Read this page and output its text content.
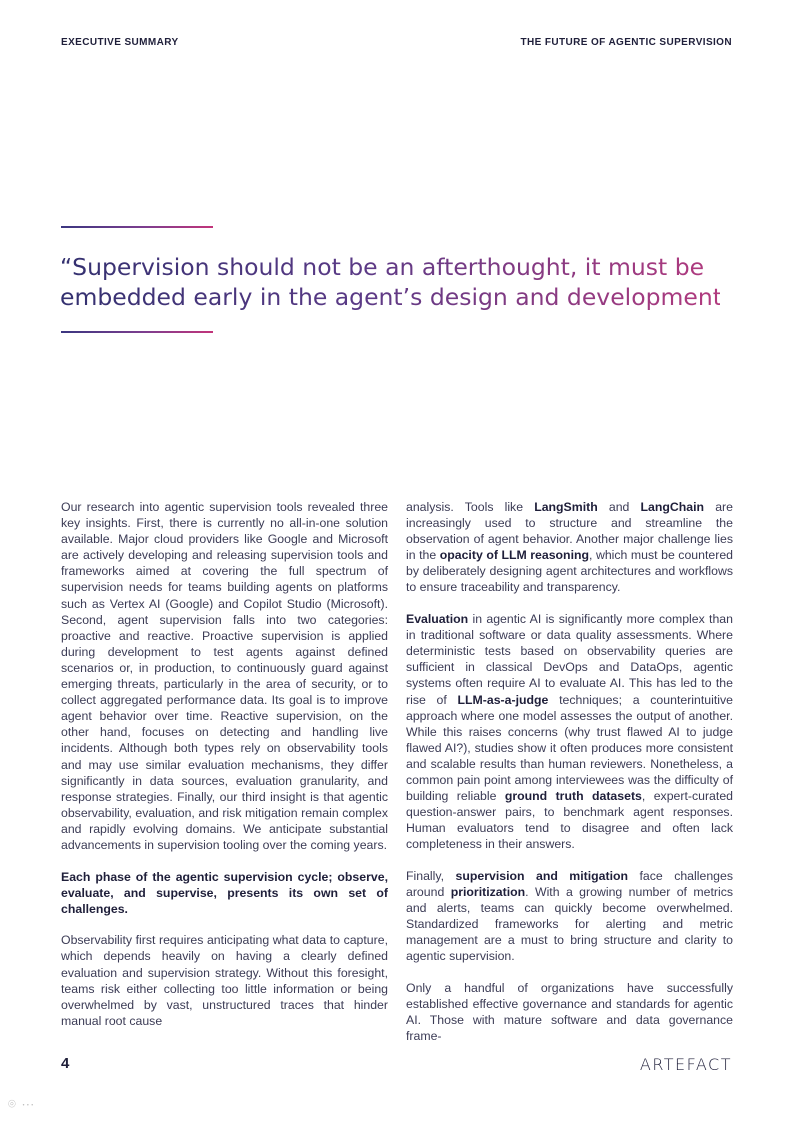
EXECUTIVE SUMMARY	THE FUTURE OF AGENTIC SUPERVISION
“Supervision should not be an afterthought, it must be
embedded early in the agent’s design and development.”

Our research into agentic supervision tools revealed three key insights. First, there is currently no all-in-one solution available. Major cloud providers like Google and Microsoft are actively developing and releasing supervision tools and frameworks aimed at covering the full spectrum of supervision needs for teams building agents on platforms such as Vertex AI (Google) and Copilot Studio (Microsoft). Second, agent supervision falls into two categories: proactive and reactive. Proactive supervision is applied during development to test agents against defined scenarios or, in production, to continuously guard against emerging threats, particularly in the area of security, or to collect aggregated performance data. Its goal is to improve agent behavior over time. Reactive supervision, on the other hand, focuses on detecting and handling live incidents. Although both types rely on observability tools and may use similar evaluation mechanisms, they differ significantly in data sources, evaluation granularity, and response strategies. Finally, our third insight is that agentic observability, evaluation, and risk mitigation remain complex and rapidly evolving domains. We anticipate substantial advancements in supervision tooling over the coming years.

Each phase of the agentic supervision cycle; observe, evaluate, and supervise, presents its own set of challenges.

Observability first requires anticipating what data to capture, which depends heavily on having a clearly defined evaluation and supervision strategy. Without this foresight, teams risk either collecting too little information or being overwhelmed by vast, unstructured traces that hinder manual root cause

analysis. Tools like LangSmith and LangChain are increasingly used to structure and streamline the observation of agent behavior. Another major challenge lies in the opacity of LLM reasoning, which must be countered by deliberately designing agent architectures and workflows to ensure traceability and transparency.

Evaluation in agentic AI is significantly more complex than in traditional software or data quality assessments. Where deterministic tests based on observability queries are sufficient in classical DevOps and DataOps, agentic systems often require AI to evaluate AI. This has led to the rise of LLM-as-a-judge techniques; a counterintuitive approach where one model assesses the output of another. While this raises concerns (why trust flawed AI to judge flawed AI?), studies show it often produces more consistent and scalable results than human reviewers. Nonetheless, a common pain point among interviewees was the difficulty of building reliable ground truth datasets, expert-curated question-answer pairs, to benchmark agent responses. Human evaluators tend to disagree and often lack completeness in their answers.

Finally, supervision and mitigation face challenges around prioritization. With a growing number of metrics and alerts, teams can quickly become overwhelmed. Standardized frameworks for alerting and metric management are a must to bring structure and clarity to agentic supervision.

Only a handful of organizations have successfully established effective governance and standards for agentic AI. Those with mature software and data governance frame-

4	ARTEFACT
⌾ ⋯
